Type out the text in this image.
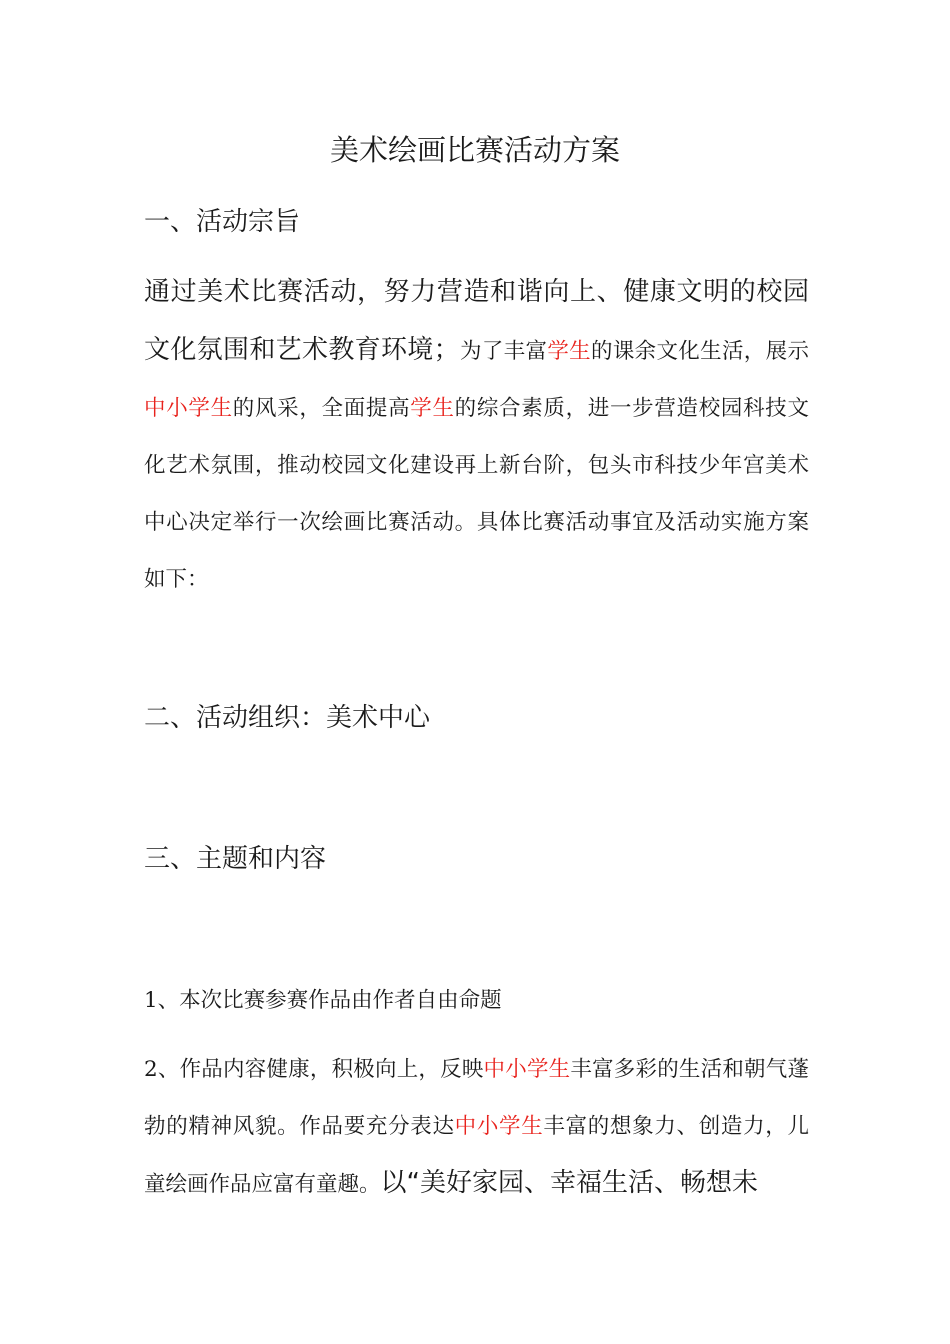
美术绘画比赛活动方案
一、活动宗旨
通过美术比赛活动，努力营造和谐向上、健康文明的校园文化氛围和艺术教育环境；为了丰富学生的课余文化生活，展示中小学生的风采，全面提高学生的综合素质，进一步营造校园科技文化艺术氛围，推动校园文化建设再上新台阶，包头市科技少年宫美术中心决定举行一次绘画比赛活动。具体比赛活动事宜及活动实施方案如下：
二、活动组织：美术中心
三、主题和内容
1、本次比赛参赛作品由作者自由命题
2、作品内容健康，积极向上，反映中小学生丰富多彩的生活和朝气蓬勃的精神风貌。作品要充分表达中小学生丰富的想象力、创造力，儿童绘画作品应富有童趣。以“美好家园、幸福生活、畅想未
